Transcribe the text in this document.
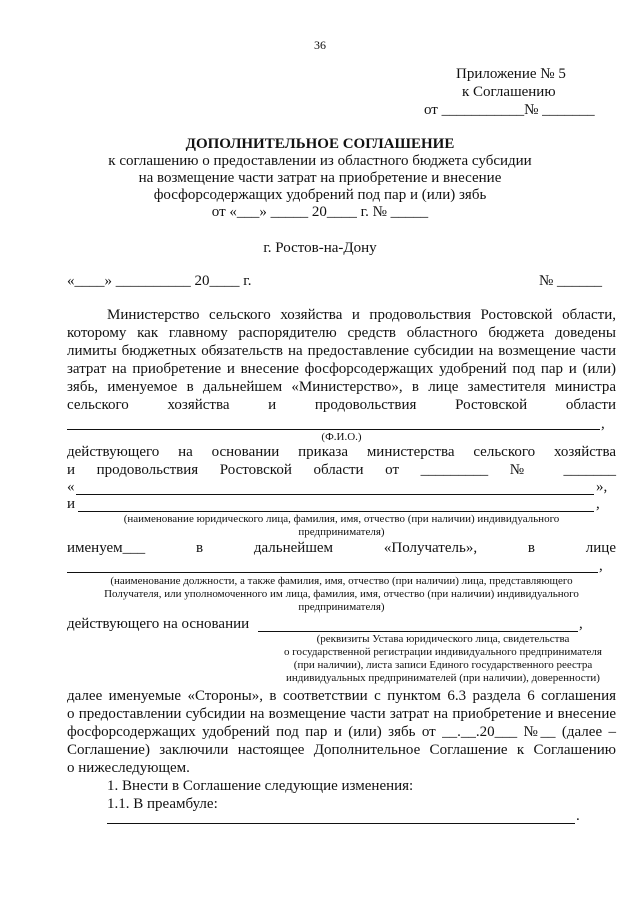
36
Приложение № 5
к Соглашению
от ___________№ _______
ДОПОЛНИТЕЛЬНОЕ СОГЛАШЕНИЕ
к соглашению о предоставлении из областного бюджета субсидии
на возмещение части затрат на приобретение и внесение
фосфорсодержащих удобрений под пар и (или) зябь
от «___» _____ 20____ г. № _____
г. Ростов-на-Дону
«____» __________ 20____ г.	№ ______
Министерство сельского хозяйства и продовольствия Ростовской области,
которому как главному распорядителю средств областного бюджета доведены
лимиты бюджетных обязательств на предоставление субсидии на возмещение части
затрат на приобретение и внесение фосфорсодержащих удобрений под пар и (или)
зябь, именуемое в дальнейшем «Министерство», в лице заместителя министра
сельского хозяйства и продовольствия Ростовской области
,
(Ф.И.О.)
действующего на основании приказа министерства сельского хозяйства
и продовольствия Ростовской области от _________ № _______
«	»,
и	,
(наименование юридического лица, фамилия, имя, отчество (при наличии) индивидуального
предпринимателя)
именуем___ в дальнейшем «Получатель», в лице
,
(наименование должности, а также фамилия, имя, отчество (при наличии) лица, представляющего
Получателя, или уполномоченного им лица, фамилия, имя, отчество (при наличии) индивидуального
предпринимателя)
действующего на основании	,
(реквизиты Устава юридического лица, свидетельства
о государственной регистрации индивидуального предпринимателя
(при наличии), листа записи Единого государственного реестра
индивидуальных предпринимателей (при наличии), доверенности)
далее именуемые «Стороны», в соответствии с пунктом 6.3 раздела 6 соглашения
о предоставлении субсидии на возмещение части затрат на приобретение и внесение
фосфорсодержащих удобрений под пар и (или) зябь от __.__.20___ №__ (далее –
Соглашение) заключили настоящее Дополнительное Соглашение к Соглашению
о нижеследующем.
1. Внести в Соглашение следующие изменения:
1.1. В преамбуле:
.
